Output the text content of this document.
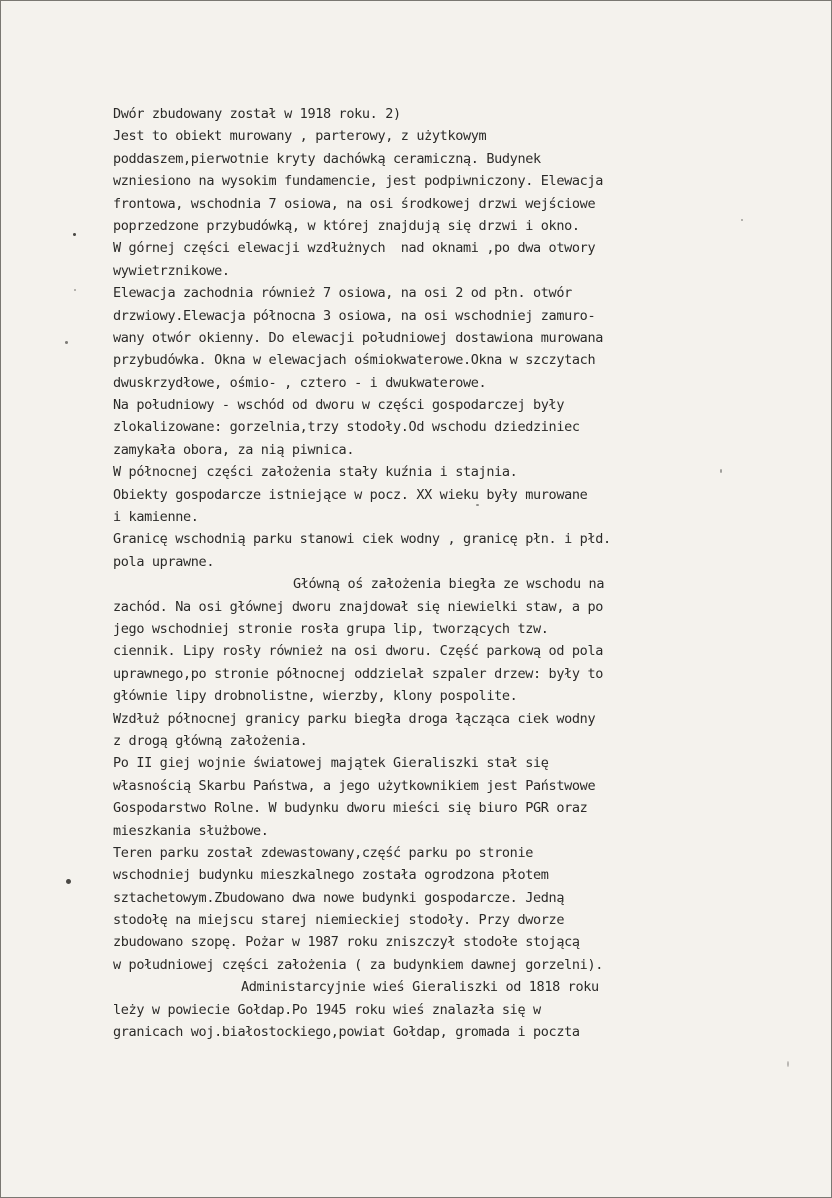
Dwór zbudowany został w 1918 roku. 2)
Jest to obiekt murowany , parterowy, z użytkowym
poddaszem,pierwotnie kryty dachówką ceramiczną. Budynek
wzniesiono na wysokim fundamencie, jest podpiwniczony. Elewacja
frontowa, wschodnia 7 osiowa, na osi środkowej drzwi wejściowe
poprzedzone przybudówką, w której znajdują się drzwi i okno.
W górnej części elewacji wzdłużnych  nad oknami ,po dwa otwory
wywietrznikowe.
Elewacja zachodnia również 7 osiowa, na osi 2 od płn. otwór
drzwiowy.Elewacja północna 3 osiowa, na osi wschodniej zamuro-
wany otwór okienny. Do elewacji południowej dostawiona murowana
przybudówka. Okna w elewacjach ośmiokwaterowe.Okna w szczytach
dwuskrzydłowe, ośmio- , cztero - i dwukwaterowe.
Na południowy - wschód od dworu w części gospodarczej były
zlokalizowane: gorzelnia,trzy stodoły.Od wschodu dziedziniec
zamykała obora, za nią piwnica.
W północnej części założenia stały kuźnia i stajnia.
Obiekty gospodarcze istniejące w pocz. XX wieku były murowane
i kamienne.
Granicę wschodnią parku stanowi ciek wodny , granicę płn. i płd.
pola uprawne.
Główną oś założenia biegła ze wschodu na
zachód. Na osi głównej dworu znajdował się niewielki staw, a po
jego wschodniej stronie rosła grupa lip, tworzących tzw.
ciennik. Lipy rosły również na osi dworu. Część parkową od pola
uprawnego,po stronie północnej oddzielał szpaler drzew: były to
głównie lipy drobnolistne, wierzby, klony pospolite.
Wzdłuż północnej granicy parku biegła droga łącząca ciek wodny
z drogą główną założenia.
Po II giej wojnie światowej majątek Gieraliszki stał się
własnością Skarbu Państwa, a jego użytkownikiem jest Państwowe
Gospodarstwo Rolne. W budynku dworu mieści się biuro PGR oraz
mieszkania służbowe.
Teren parku został zdewastowany,część parku po stronie
wschodniej budynku mieszkalnego została ogrodzona płotem
sztachetowym.Zbudowano dwa nowe budynki gospodarcze. Jedną
stodołę na miejscu starej niemieckiej stodoły. Przy dworze
zbudowano szopę. Pożar w 1987 roku zniszczył stodołe stojącą
w południowej części założenia ( za budynkiem dawnej gorzelni).
Administarcyjnie wieś Gieraliszki od 1818 roku
leży w powiecie Gołdap.Po 1945 roku wieś znalazła się w
granicach woj.białostockiego,powiat Gołdap, gromada i poczta
